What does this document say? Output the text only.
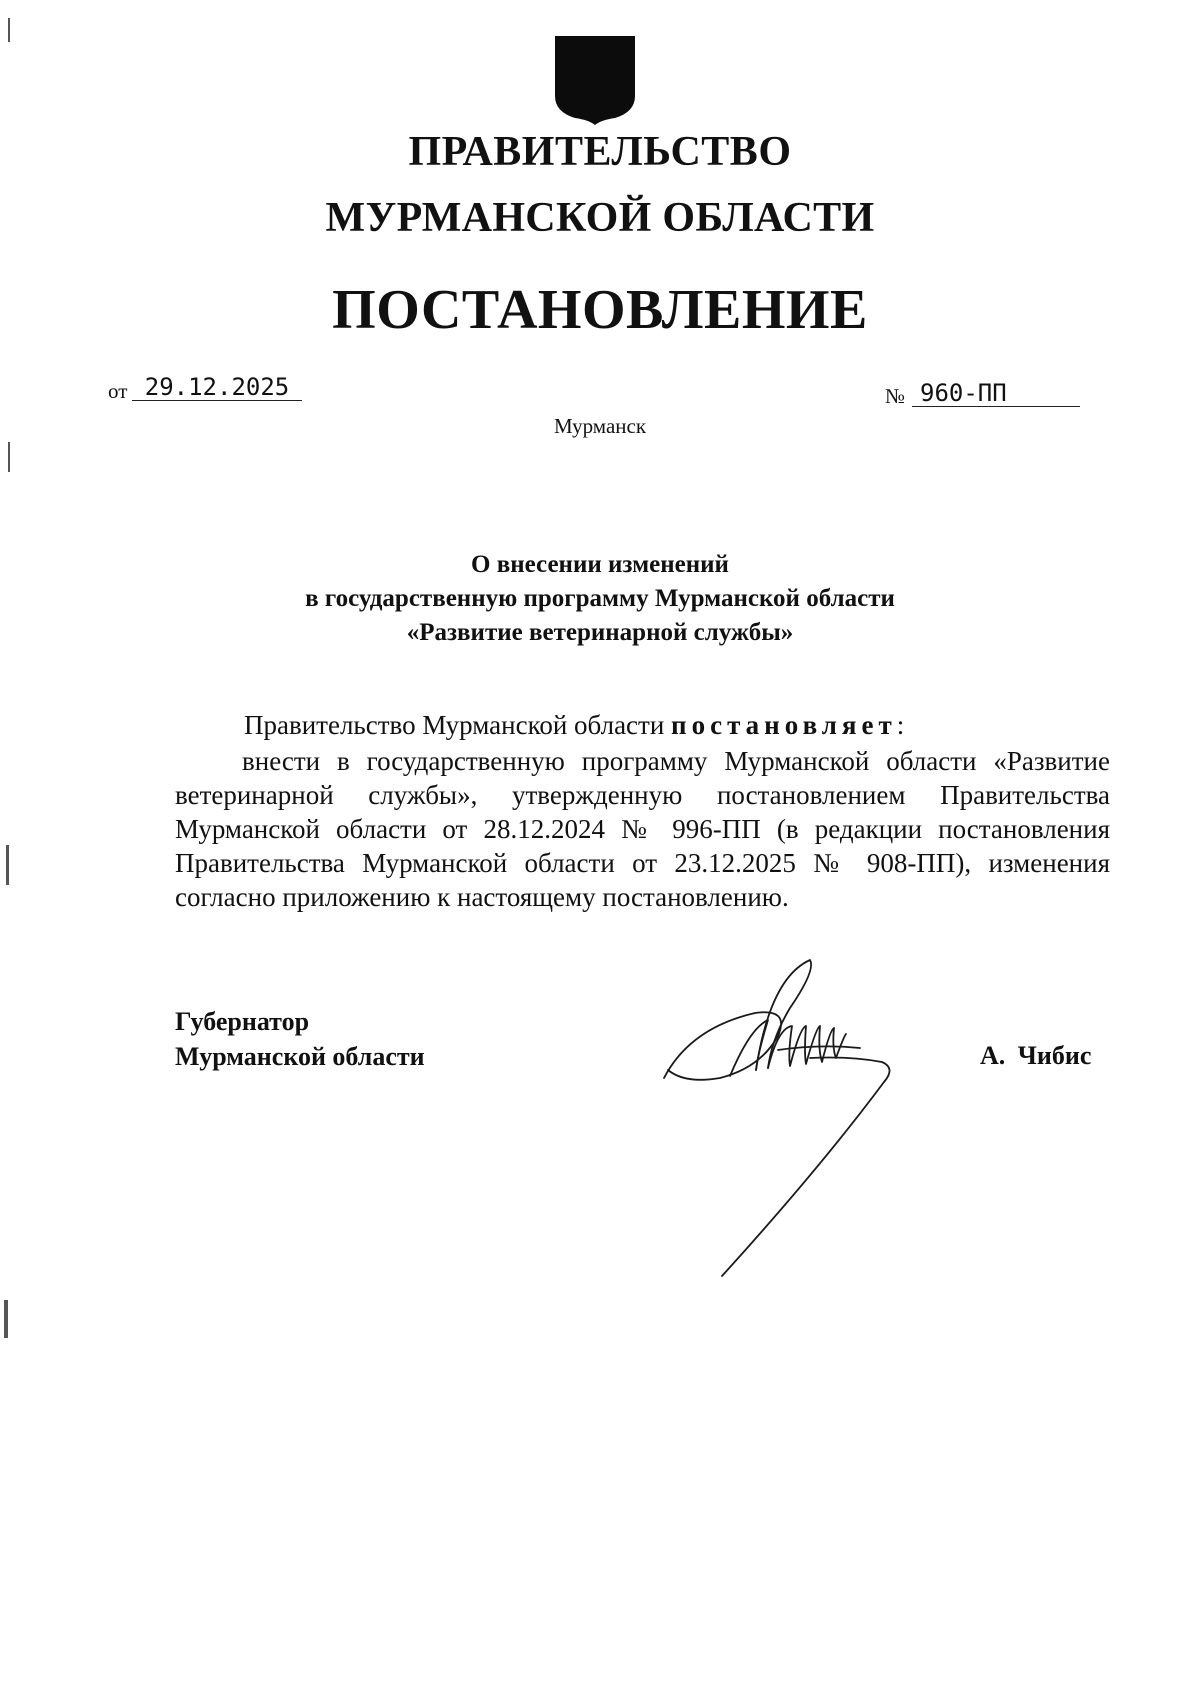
ПРАВИТЕЛЬСТВО
МУРМАНСКОЙ ОБЛАСТИ
ПОСТАНОВЛЕНИЕ
от 29.12.2025	№ 960-ПП
Мурманск
О внесении изменений
в государственную программу Мурманской области
«Развитие ветеринарной службы»
Правительство Мурманской области постановляет:
внести в государственную программу Мурманской области «Развитие
ветеринарной службы», утвержденную постановлением Правительства
Мурманской области от 28.12.2024 № 996-ПП (в редакции постановления
Правительства Мурманской области от 23.12.2025 № 908-ПП), изменения
согласно приложению к настоящему постановлению.
Губернатор
Мурманской области	А. Чибис
